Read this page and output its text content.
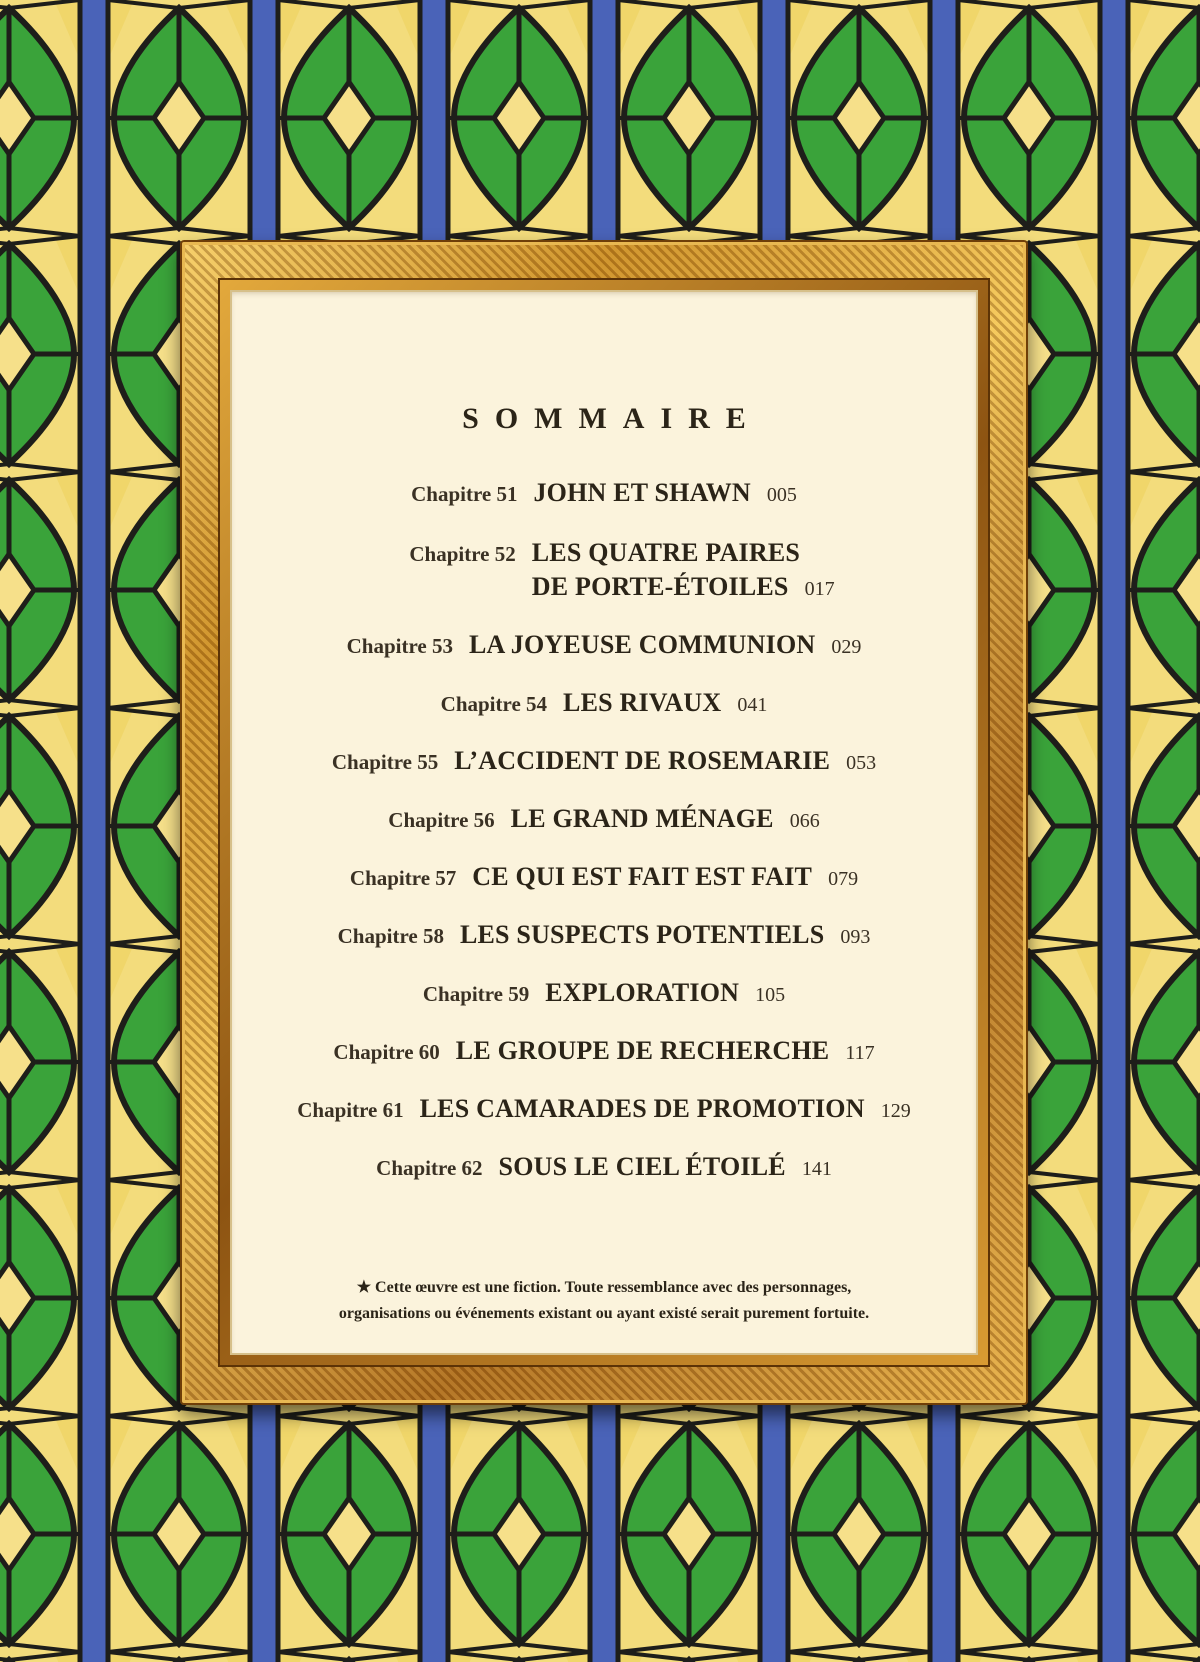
SOMMAIRE
Chapitre 51 JOHN ET SHAWN 005
Chapitre 52 LES QUATRE PAIRES
DE PORTE-ÉTOILES 017
Chapitre 53 LA JOYEUSE COMMUNION 029
Chapitre 54 LES RIVAUX 041
Chapitre 55 L’ACCIDENT DE ROSEMARIE 053
Chapitre 56 LE GRAND MÉNAGE 066
Chapitre 57 CE QUI EST FAIT EST FAIT 079
Chapitre 58 LES SUSPECTS POTENTIELS 093
Chapitre 59 EXPLORATION 105
Chapitre 60 LE GROUPE DE RECHERCHE 117
Chapitre 61 LES CAMARADES DE PROMOTION 129
Chapitre 62 SOUS LE CIEL ÉTOILÉ 141
★ Cette œuvre est une fiction. Toute ressemblance avec des personnages,
organisations ou événements existant ou ayant existé serait purement fortuite.
